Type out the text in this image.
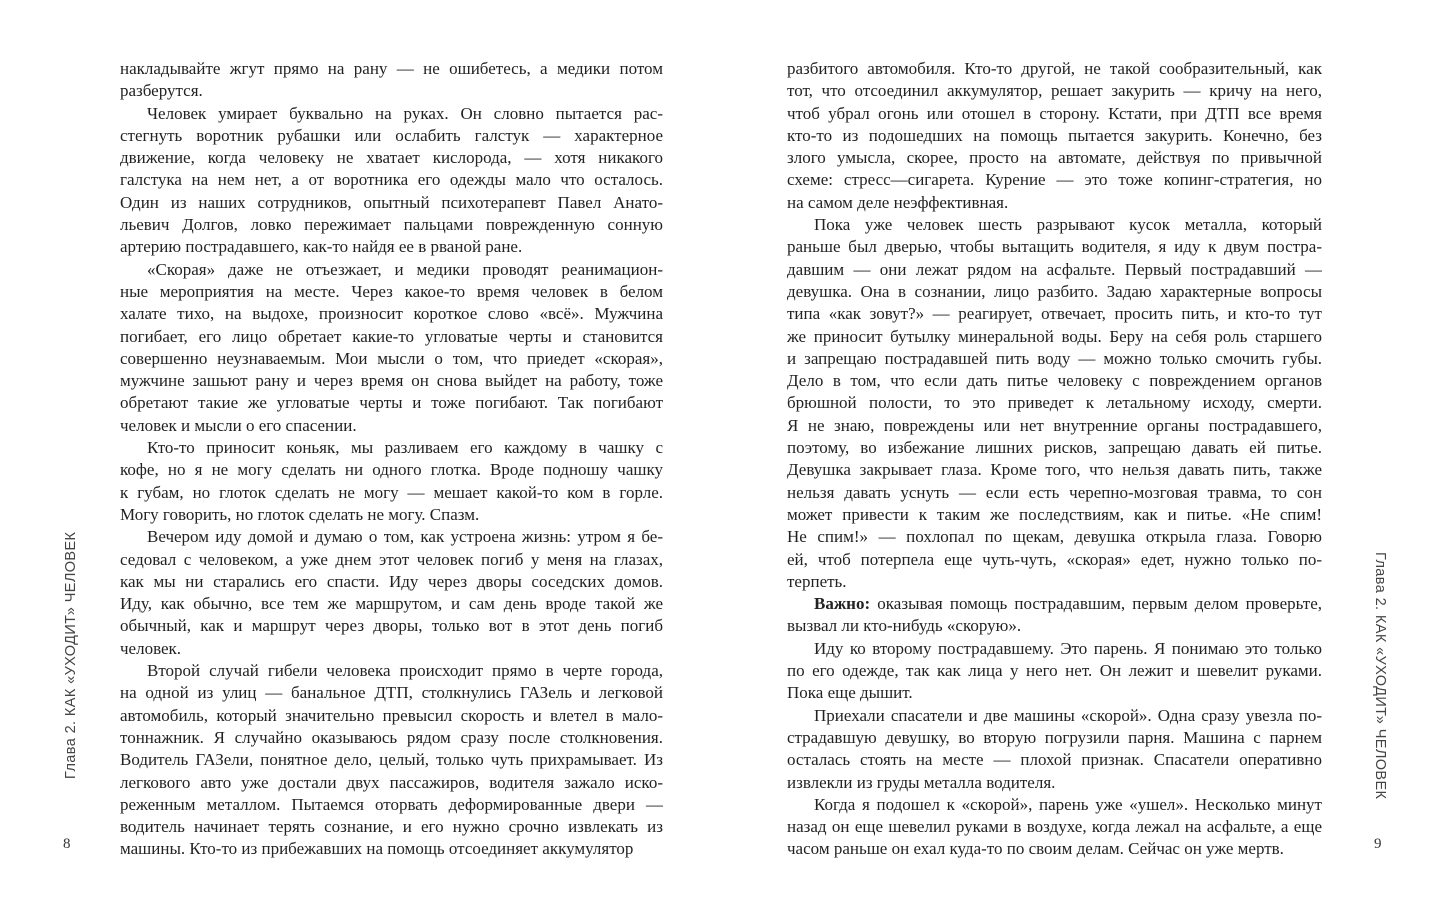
Глава 2. КАК «УХОДИТ» ЧЕЛОВЕК
накладывайте жгут прямо на рану — не ошибетесь, а медики потом
разберутся.
Человек умирает буквально на руках. Он словно пытается рас-
стегнуть воротник рубашки или ослабить галстук — характерное
движение, когда человеку не хватает кислорода, — хотя никакого
галстука на нем нет, а от воротника его одежды мало что осталось.
Один из наших сотрудников, опытный психотерапевт Павел Анато-
льевич Долгов, ловко пережимает пальцами поврежденную сонную
артерию пострадавшего, как-то найдя ее в рваной ране.
«Скорая» даже не отъезжает, и медики проводят реанимацион-
ные мероприятия на месте. Через какое-то время человек в белом
халате тихо, на выдохе, произносит короткое слово «всё». Мужчина
погибает, его лицо обретает какие-то угловатые черты и становится
совершенно неузнаваемым. Мои мысли о том, что приедет «скорая»,
мужчине зашьют рану и через время он снова выйдет на работу, тоже
обретают такие же угловатые черты и тоже погибают. Так погибают
человек и мысли о его спасении.
Кто-то приносит коньяк, мы разливаем его каждому в чашку с
кофе, но я не могу сделать ни одного глотка. Вроде подношу чашку
к губам, но глоток сделать не могу — мешает какой-то ком в горле.
Могу говорить, но глоток сделать не могу. Спазм.
Вечером иду домой и думаю о том, как устроена жизнь: утром я бе-
седовал с человеком, а уже днем этот человек погиб у меня на глазах,
как мы ни старались его спасти. Иду через дворы соседских домов.
Иду, как обычно, все тем же маршрутом, и сам день вроде такой же
обычный, как и маршрут через дворы, только вот в этот день погиб
человек.
Второй случай гибели человека происходит прямо в черте города,
на одной из улиц — банальное ДТП, столкнулись ГАЗель и легковой
автомобиль, который значительно превысил скорость и влетел в мало-
тоннажник. Я случайно оказываюсь рядом сразу после столкновения.
Водитель ГАЗели, понятное дело, целый, только чуть прихрамывает. Из
легкового авто уже достали двух пассажиров, водителя зажало иско-
реженным металлом. Пытаемся оторвать деформированные двери —
водитель начинает терять сознание, и его нужно срочно извлекать из
машины. Кто-то из прибежавших на помощь отсоединяет аккумулятор
разбитого автомобиля. Кто-то другой, не такой сообразительный, как
тот, что отсоединил аккумулятор, решает закурить — кричу на него,
чтоб убрал огонь или отошел в сторону. Кстати, при ДТП все время
кто-то из подошедших на помощь пытается закурить. Конечно, без
злого умысла, скорее, просто на автомате, действуя по привычной
схеме: стресс—сигарета. Курение — это тоже копинг-стратегия, но
на самом деле неэффективная.
Пока уже человек шесть разрывают кусок металла, который
раньше был дверью, чтобы вытащить водителя, я иду к двум постра-
давшим — они лежат рядом на асфальте. Первый пострадавший —
девушка. Она в сознании, лицо разбито. Задаю характерные вопросы
типа «как зовут?» — реагирует, отвечает, просить пить, и кто-то тут
же приносит бутылку минеральной воды. Беру на себя роль старшего
и запрещаю пострадавшей пить воду — можно только смочить губы.
Дело в том, что если дать питье человеку с повреждением органов
брюшной полости, то это приведет к летальному исходу, смерти.
Я не знаю, повреждены или нет внутренние органы пострадавшего,
поэтому, во избежание лишних рисков, запрещаю давать ей питье.
Девушка закрывает глаза. Кроме того, что нельзя давать пить, также
нельзя давать уснуть — если есть черепно-мозговая травма, то сон
может привести к таким же последствиям, как и питье. «Не спим!
Не спим!» — похлопал по щекам, девушка открыла глаза. Говорю
ей, чтоб потерпела еще чуть-чуть, «скорая» едет, нужно только по-
терпеть.
Важно: оказывая помощь пострадавшим, первым делом проверьте,
вызвал ли кто-нибудь «скорую».
Иду ко второму пострадавшему. Это парень. Я понимаю это только
по его одежде, так как лица у него нет. Он лежит и шевелит руками.
Пока еще дышит.
Приехали спасатели и две машины «скорой». Одна сразу увезла по-
страдавшую девушку, во вторую погрузили парня. Машина с парнем
осталась стоять на месте — плохой признак. Спасатели оперативно
извлекли из груды металла водителя.
Когда я подошел к «скорой», парень уже «ушел». Несколько минут
назад он еще шевелил руками в воздухе, когда лежал на асфальте, а еще
часом раньше он ехал куда-то по своим делам. Сейчас он уже мертв.
Глава 2. КАК «УХОДИТ» ЧЕЛОВЕК
8	9
